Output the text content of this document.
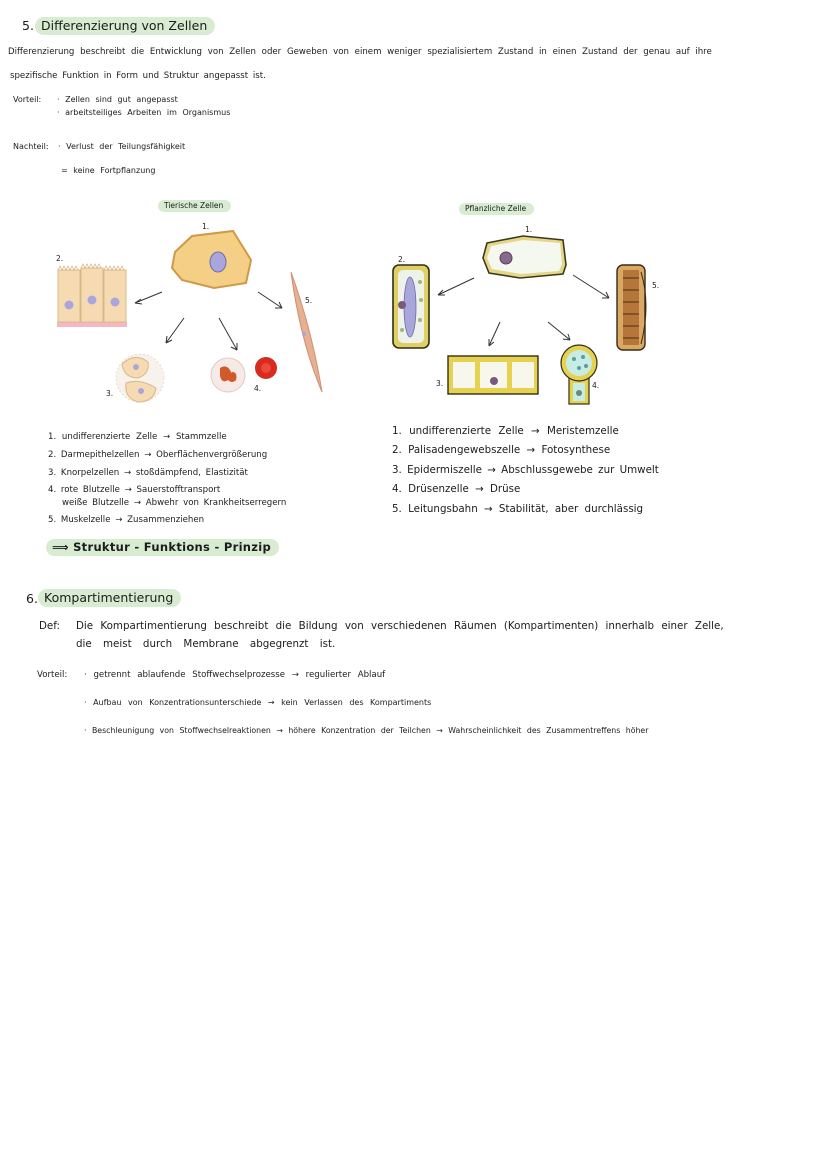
5. Differenzierung von Zellen
Differenzierung beschreibt die Entwicklung von Zellen oder Geweben von einem weniger spezialisiertem Zustand in einen Zustand der genau auf ihre
spezifische Funktion in Form und Struktur angepasst ist.
Vorteil: · Zellen sind gut angepasst
· arbeitsteiliges Arbeiten im Organismus
Nachteil: · Verlust der Teilungsfähigkeit
= keine Fortpflanzung
Tierische Zellen
1.
2.
3.
4.
5.
1. undifferenzierte Zelle → Stammzelle
2. Darmepithelzellen → Oberflächenvergrößerung
3. Knorpelzellen → stoßdämpfend, Elastizität
4. rote Blutzelle → Sauerstofftransport
weiße Blutzelle → Abwehr von Krankheitserregern
5. Muskelzelle → Zusammenziehen
⟹ Struktur - Funktions - Prinzip
Pflanzliche Zelle
1.
2.
3.	4.
5.
1. undifferenzierte Zelle → Meristemzelle
2. Palisadengewebszelle → Fotosynthese
3. Epidermiszelle → Abschlussgewebe zur Umwelt
4. Drüsenzelle → Drüse
5. Leitungsbahn → Stabilität, aber durchlässig
6. Kompartimentierung
Def: Die Kompartimentierung beschreibt die Bildung von verschiedenen Räumen (Kompartimenten) innerhalb einer Zelle,
die meist durch Membrane abgegrenzt ist.
Vorteil: · getrennt ablaufende Stoffwechselprozesse → regulierter Ablauf
· Aufbau von Konzentrationsunterschiede → kein Verlassen des Kompartiments
· Beschleunigung von Stoffwechselreaktionen → höhere Konzentration der Teilchen → Wahrscheinlichkeit des Zusammentreffens höher
